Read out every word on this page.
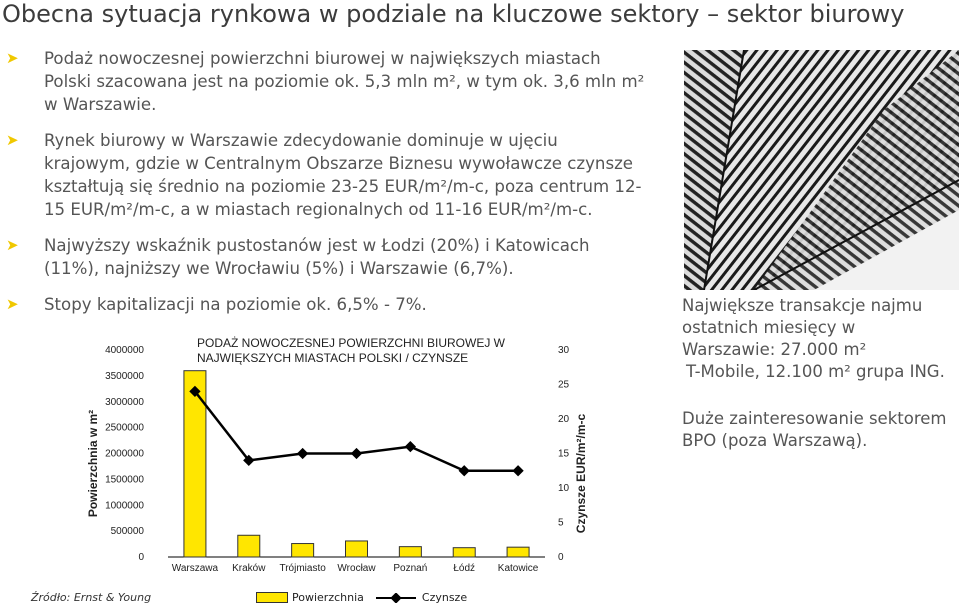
Obecna sytuacja rynkowa w podziale na kluczowe sektory – sektor biurowy
➤ Podaż nowoczesnej powierzchni biurowej w największych miastach Polski szacowana jest na poziomie ok. 5,3 mln m², w tym ok. 3,6 mln m² w Warszawie.
➤ Rynek biurowy w Warszawie zdecydowanie dominuje w ujęciu krajowym, gdzie w Centralnym Obszarze Biznesu wywoławcze czynsze kształtują się średnio na poziomie 23-25 EUR/m²/m-c, poza centrum 12-15 EUR/m²/m-c, a w miastach regionalnych od 11-16 EUR/m²/m-c.
➤ Najwyższy wskaźnik pustostanów jest w Łodzi (20%) i Katowicach (11%), najniższy we Wrocławiu (5%) i Warszawie (6,7%).
➤ Stopy kapitalizacji na poziomie ok. 6,5% - 7%.	Największe transakcje najmu
ostatnich miesięcy w
Warszawie: 27.000 m²
T-Mobile, 12.100 m² grupa ING.
Duże zainteresowanie sektorem
BPO (poza Warszawą).
PODAŻ NOWOCZESNEJ POWIERZCHNI BIUROWEJ W
NAJWIĘKSZYCH MIASTACH POLSKI / CZYNSZE
0
500000
1000000
1500000
2000000
2500000
3000000
3500000
4000000
0
5
10
15
20
25
30
Powierzchnia w m²	Czynsze EUR/m²/m-c
Warszawa Kraków Trójmiasto Wrocław Poznań	Łódź Katowice
Źródło: Ernst & Young	Powierzchnia	Czynsze
